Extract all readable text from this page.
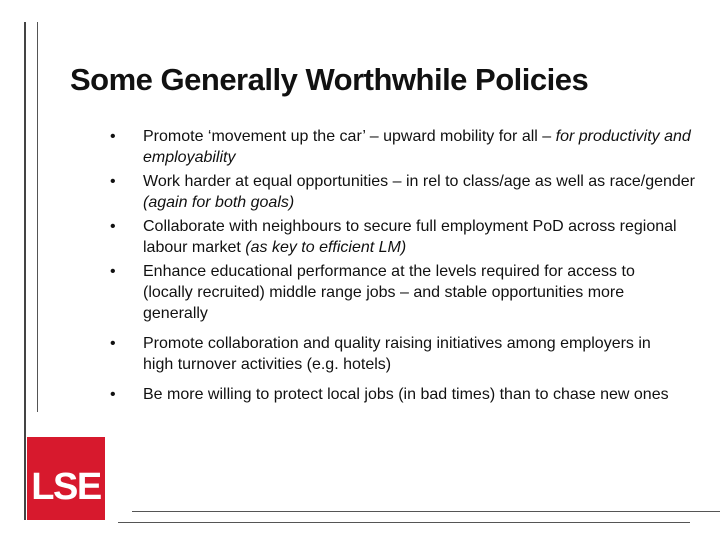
Some Generally Worthwhile Policies
•	Promote ‘movement up the car’ – upward mobility for all – for productivity and employability
•	Work harder at equal opportunities – in rel to class/age as well as race/gender (again for both goals)
•	Collaborate with neighbours to secure full employment PoD across regional labour market (as key to efficient LM)
•	Enhance educational performance at the levels required for access to (locally recruited) middle range jobs – and stable opportunities more generally
•	Promote collaboration and quality raising initiatives among employers in high turnover activities (e.g. hotels)
•	Be more willing to protect local jobs (in bad times) than to chase new ones
LSE
